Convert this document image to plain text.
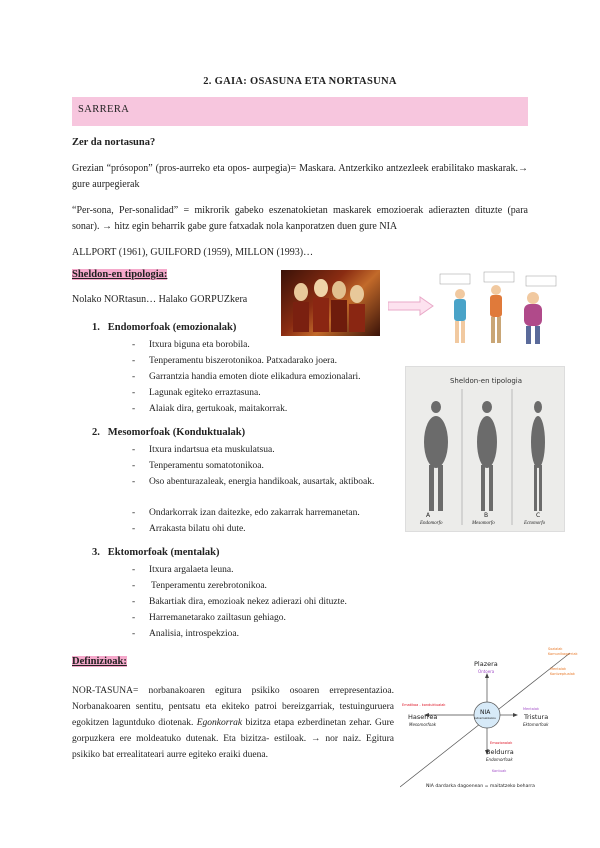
2. GAIA: OSASUNA ETA NORTASUNA
SARRERA
Zer da nortasuna?
Grezian “prósopon” (pros-aurreko eta opos- aurpegia)= Maskara. Antzerkiko antzezleek erabilitako maskarak.→ gure aurpegierak
“Per-sona, Per-sonalidad” = mikrorik gabeko eszenatokietan maskarek emozioerak adierazten dituzte (para sonar). → hitz egin beharrik gabe gure fatxadak nola kanporatzen duen gure NIA
ALLPORT (1961), GUILFORD (1959), MILLON (1993)…
Sheldon-en tipologia:
Nolako NORtasun… Halako GORPUZkera
Sheldon-en tipologia
A	B	C
Endomorfo	Mesomorfo	Ectomorfo
1. Endomorfoak (emozionalak)
- Itxura biguna eta borobila.
- Tenperamentu biszerotonikoa. Patxadarako joera.
- Garrantzia handia emoten diote elikadura emozionalari.
- Lagunak egiteko erraztasuna.
- Alaiak dira, gertukoak, maitakorrak.
2. Mesomorfoak (Konduktualak)
- Itxura indartsua eta muskulatsua.
- Tenperamentu somatotonikoa.
- Oso abenturazaleak, energia handikoak, ausartak, aktiboak.
- Ondarkorrak izan daitezke, edo zakarrak harremanetan.
- Arrakasta bilatu ohi dute.
3. Ektomorfoak (mentalak)
- Itxura argalaeta leuna.
- Tenperamentu zerebrotonikoa.
- Bakartiak dira, emozioak nekez adierazi ohi dituzte.
- Harremanetarako zailtasun gehiago.
- Analisia, introspekzioa.
Definizioak:
NOR-TASUNA= norbanakoaren egitura psikiko osoaren errepresentazioa. Norbanakoaren sentitu, pentsatu eta ekiteko patroi bereizgarriak, testuinguruera egokitzen laguntduko diotenak. Egonkorrak bizitza etapa ezberdinetan zehar. Gure gorpuzkera ere moldeatuko dutenak. Eta bizitza- estiloak. → nor naiz. Egitura psikiko bat errealitateari aurre egiteko eraiki duena.
NIA
Autoerrealizazioa
Plazera
Ontoera
Haserrea
Mesomorfoak
Ematikoa - konduktualak
Tristura
Ektomorfoak
Mentalak
Beldurra
Endomorfoak
Emozionalak
Kontuak
Sozialak
Komunikagarriak
Mentalak
Kontzeptualak
NIA dardarka dagoenean = maitatzeko beharra
